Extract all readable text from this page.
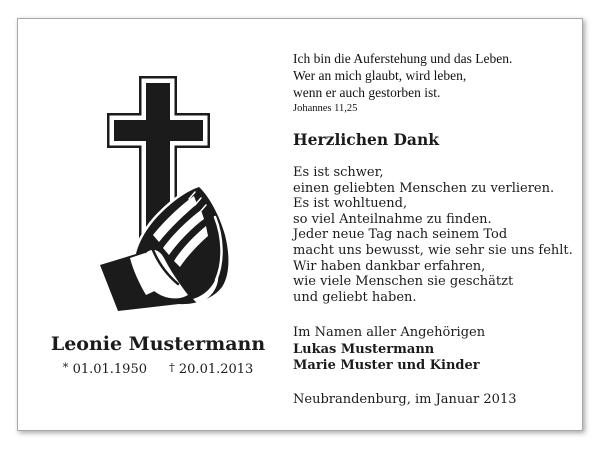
Leonie Mustermann
* 01.01.1950 † 20.01.2013
Ich bin die Auferstehung und das Leben.
Wer an mich glaubt, wird leben,
wenn er auch gestorben ist.
Johannes 11,25
Herzlichen Dank
Es ist schwer,
einen geliebten Menschen zu verlieren.
Es ist wohltuend,
so viel Anteilnahme zu finden.
Jeder neue Tag nach seinem Tod
macht uns bewusst, wie sehr sie uns fehlt.
Wir haben dankbar erfahren,
wie viele Menschen sie geschätzt
und geliebt haben.
Im Namen aller Angehörigen
Lukas Mustermann
Marie Muster und Kinder
Neubrandenburg, im Januar 2013
